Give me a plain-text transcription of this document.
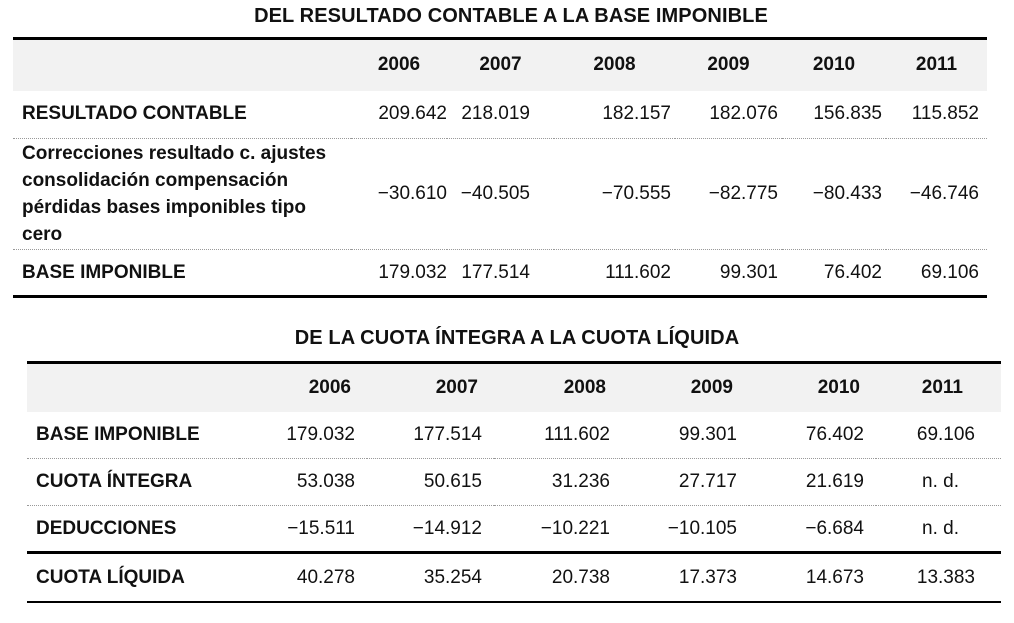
DEL RESULTADO CONTABLE A LA BASE IMPONIBLE
	2006	2007	2008	2009	2010	2011
RESULTADO CONTABLE	209.642	218.019	182.157	182.076	156.835	115.852

Correcciones resultado c. ajustes
consolidación compensación
pérdidas bases imponibles tipo
cero	−30.610	−40.505	−70.555	−82.775	−80.433	−46.746
BASE IMPONIBLE	179.032	177.514	111.602	99.301	76.402	69.106
DE LA CUOTA ÍNTEGRA A LA CUOTA LÍQUIDA
	2006	2007	2008	2009	2010	2011
BASE IMPONIBLE	179.032	177.514	111.602	99.301	76.402	69.106
CUOTA ÍNTEGRA	53.038	50.615	31.236	27.717	21.619	n. d.
DEDUCCIONES	−15.511	−14.912	−10.221	−10.105	−6.684	n. d.
CUOTA LÍQUIDA	40.278	35.254	20.738	17.373	14.673	13.383
